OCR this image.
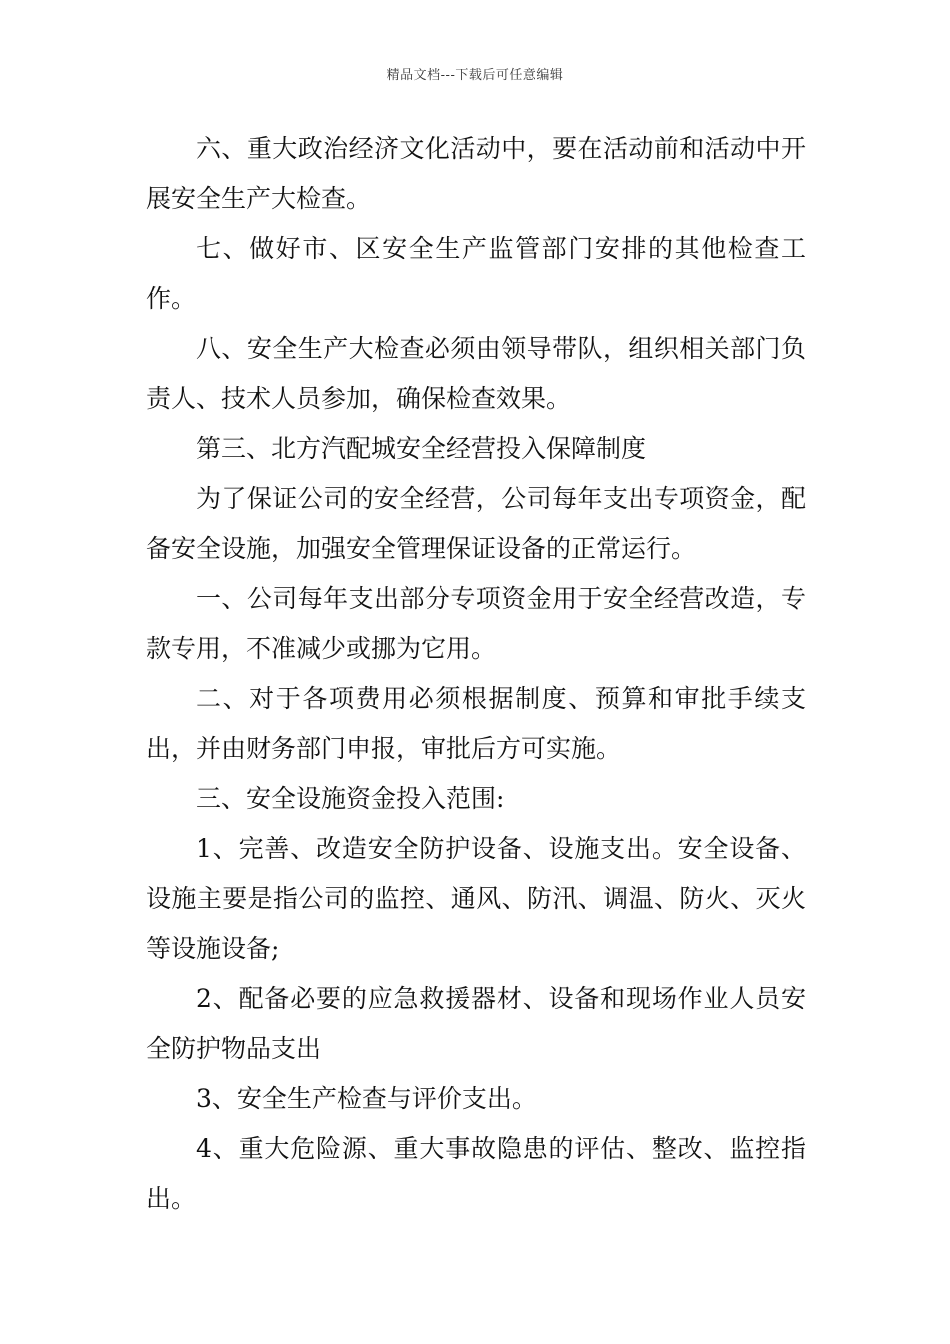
精品文档---下载后可任意编辑

六、重大政治经济文化活动中，要在活动前和活动中开展安全生产大检查。

七、做好市、区安全生产监管部门安排的其他检查工作。

八、安全生产大检查必须由领导带队，组织相关部门负责人、技术人员参加，确保检查效果。

第三、北方汽配城安全经营投入保障制度

为了保证公司的安全经营，公司每年支出专项资金，配备安全设施，加强安全管理保证设备的正常运行。

一、公司每年支出部分专项资金用于安全经营改造，专款专用，不准减少或挪为它用。

二、对于各项费用必须根据制度、预算和审批手续支出，并由财务部门申报，审批后方可实施。

三、安全设施资金投入范围:

1、完善、改造安全防护设备、设施支出。安全设备、设施主要是指公司的监控、通风、防汛、调温、防火、灭火等设施设备;

2、配备必要的应急救援器材、设备和现场作业人员安全防护物品支出

3、安全生产检查与评价支出。

4、重大危险源、重大事故隐患的评估、整改、监控指出。
